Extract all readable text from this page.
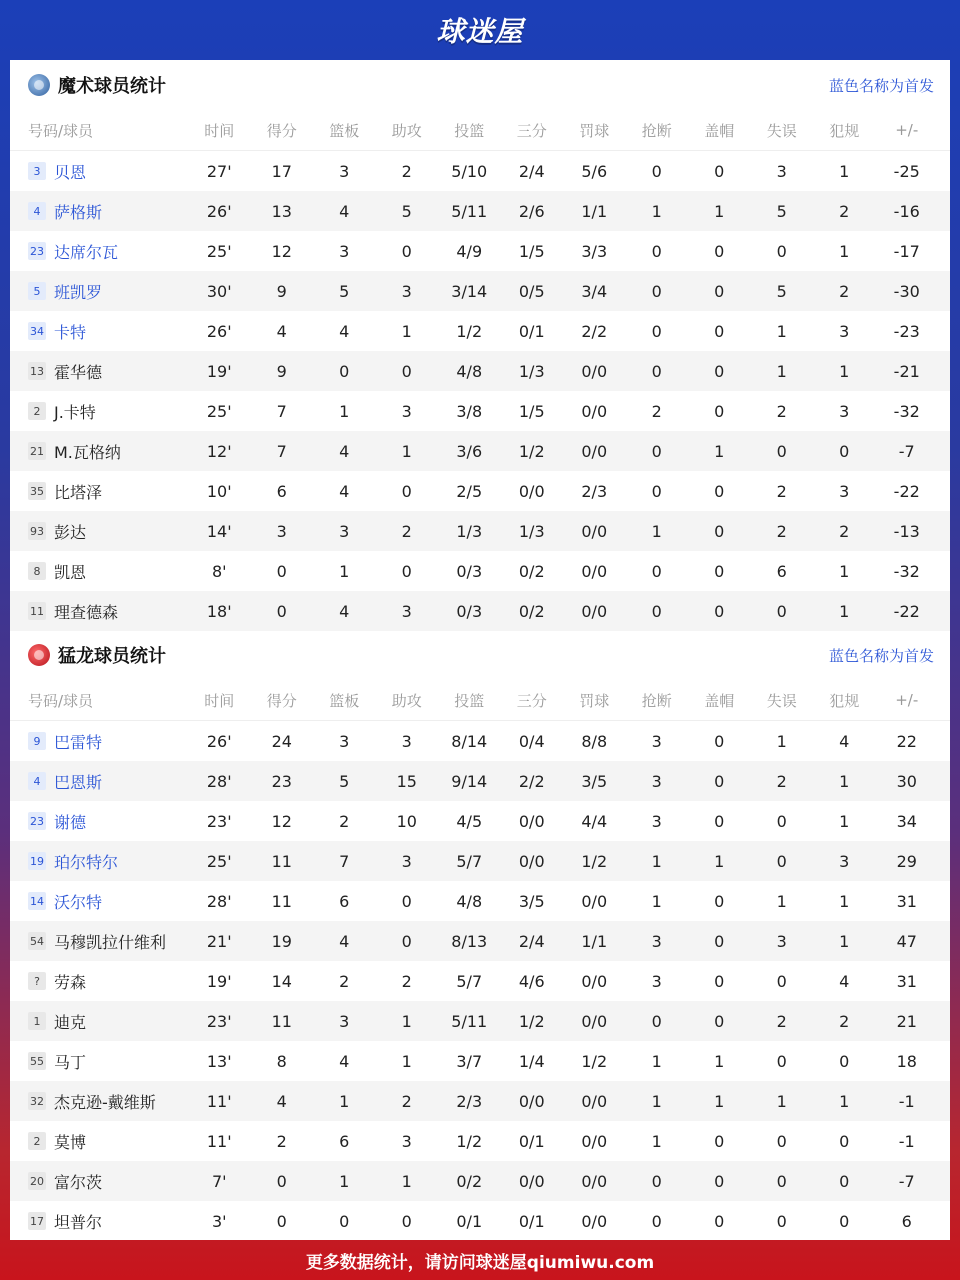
球迷屋
魔术球员统计	蓝色名称为首发
号码/球员	时间	得分	篮板	助攻	投篮	三分	罚球	抢断	盖帽	失误	犯规	+/-
3 贝恩	27'	17	3	2	5/10	2/4	5/6	0	0	3	1	-25
4 萨格斯	26'	13	4	5	5/11	2/6	1/1	1	1	5	2	-16
23 达席尔瓦	25'	12	3	0	4/9	1/5	3/3	0	0	0	1	-17
5 班凯罗	30'	9	5	3	3/14	0/5	3/4	0	0	5	2	-30
34 卡特	26'	4	4	1	1/2	0/1	2/2	0	0	1	3	-23
13 霍华德	19'	9	0	0	4/8	1/3	0/0	0	0	1	1	-21
2 J.卡特	25'	7	1	3	3/8	1/5	0/0	2	0	2	3	-32
21 M.瓦格纳	12'	7	4	1	3/6	1/2	0/0	0	1	0	0	-7
35 比塔泽	10'	6	4	0	2/5	0/0	2/3	0	0	2	3	-22
93 彭达	14'	3	3	2	1/3	1/3	0/0	1	0	2	2	-13
8 凯恩	8'	0	1	0	0/3	0/2	0/0	0	0	6	1	-32
11 理查德森	18'	0	4	3	0/3	0/2	0/0	0	0	0	1	-22
猛龙球员统计	蓝色名称为首发
号码/球员	时间	得分	篮板	助攻	投篮	三分	罚球	抢断	盖帽	失误	犯规	+/-
9 巴雷特	26'	24	3	3	8/14	0/4	8/8	3	0	1	4	22
4 巴恩斯	28'	23	5	15	9/14	2/2	3/5	3	0	2	1	30
23 谢德	23'	12	2	10	4/5	0/0	4/4	3	0	0	1	34
19 珀尔特尔	25'	11	7	3	5/7	0/0	1/2	1	1	0	3	29
14 沃尔特	28'	11	6	0	4/8	3/5	0/0	1	0	1	1	31
54 马穆凯拉什维利	21'	19	4	0	8/13	2/4	1/1	3	0	3	1	47
? 劳森	19'	14	2	2	5/7	4/6	0/0	3	0	0	4	31
1 迪克	23'	11	3	1	5/11	1/2	0/0	0	0	2	2	21
55 马丁	13'	8	4	1	3/7	1/4	1/2	1	1	0	0	18
32 杰克逊-戴维斯	11'	4	1	2	2/3	0/0	0/0	1	1	1	1	-1
2 莫博	11'	2	6	3	1/2	0/1	0/0	1	0	0	0	-1
20 富尔茨	7'	0	1	1	0/2	0/0	0/0	0	0	0	0	-7
17 坦普尔	3'	0	0	0	0/1	0/1	0/0	0	0	0	0	6
更多数据统计，请访问球迷屋qiumiwu.com
